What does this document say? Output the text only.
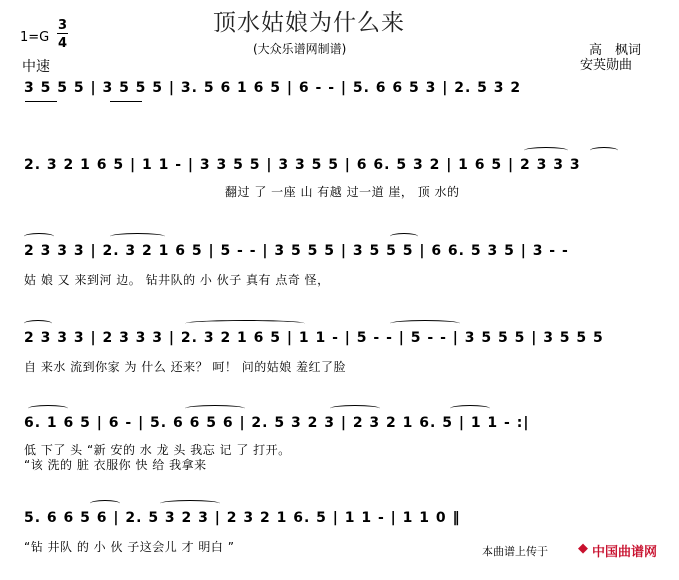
顶水姑娘为什么来
(大众乐谱网制谱)
1=G
3
4
中速
高　枫词
安英勋曲
3 5 5 5 | 3 5 5 5 | 3. 5 6 1 6 5 | 6 - - | 5. 6 6 5 3 | 2. 5 3 2
2. 3 2 1 6 5 | 1 1 - | 3 3 5 5 | 3 3 5 5 | 6 6. 5 3 2 | 1 6 5 | 2 3 3 3
翻过 了 一座 山 有越 过一道 崖， 顶 水的
2 3 3 3 | 2. 3 2 1 6 5 | 5 - - | 3 5 5 5 | 3 5 5 5 | 6 6. 5 3 5 | 3 - -
姑 娘 又 来到河 边。 钻井队的 小 伙子 真有 点奇 怪，
2 3 3 3 | 2 3 3 3 | 2. 3 2 1 6 5 | 1 1 - | 5 - - | 5 - - | 3 5 5 5 | 3 5 5 5
自 来水 流到你家 为 什么 还来？ 呵！ 问的姑娘 羞红了脸
6. 1 6 5 | 6 - | 5. 6 6 5 6 | 2. 5 3 2 3 | 2 3 2 1 6. 5 | 1 1 - :|
低 下了 头 “新 安的 水 龙 头 我忘 记 了 打开。
“该 洗的 脏 衣服你 快 给 我拿来
5. 6 6 5 6 | 2. 5 3 2 3 | 2 3 2 1 6. 5 | 1 1 - | 1 1 0 ‖
“钻 井队 的 小 伙 子这会儿 才 明白 ”	本曲谱上传于 ◆ 中国曲谱网
